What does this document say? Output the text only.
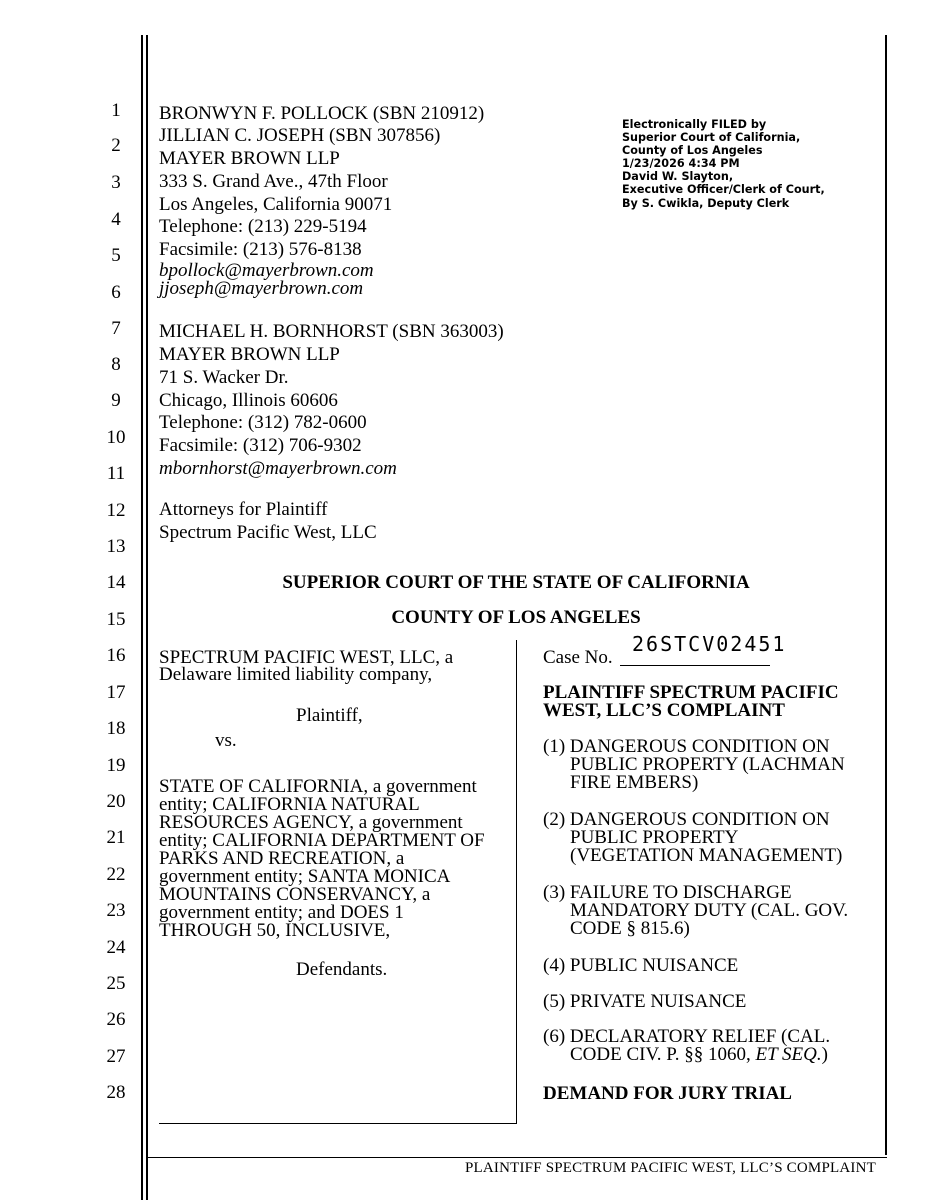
1
2
3
4
5
6
7
8
9
10
11
12
13
14
15
16
17
18
19
20
21
22
23
24
25
26
27
28
BRONWYN F. POLLOCK (SBN 210912)
JILLIAN C. JOSEPH (SBN 307856)
MAYER BROWN LLP
333 S. Grand Ave., 47th Floor
Los Angeles, California 90071
Telephone: (213) 229-5194
Facsimile: (213) 576-8138
bpollock@mayerbrown.com
jjoseph@mayerbrown.com
MICHAEL H. BORNHORST (SBN 363003)
MAYER BROWN LLP
71 S. Wacker Dr.
Chicago, Illinois 60606
Telephone: (312) 782-0600
Facsimile: (312) 706-9302
mbornhorst@mayerbrown.com
Attorneys for Plaintiff
Spectrum Pacific West, LLC
Electronically FILED by
Superior Court of California,
County of Los Angeles
1/23/2026 4:34 PM
David W. Slayton,
Executive Officer/Clerk of Court,
By S. Cwikla, Deputy Clerk
SUPERIOR COURT OF THE STATE OF CALIFORNIA
COUNTY OF LOS ANGELES
SPECTRUM PACIFIC WEST, LLC, a
Delaware limited liability company,
Plaintiff,
vs.
STATE OF CALIFORNIA, a government
entity; CALIFORNIA NATURAL
RESOURCES AGENCY, a government
entity; CALIFORNIA DEPARTMENT OF
PARKS AND RECREATION, a
government entity; SANTA MONICA
MOUNTAINS CONSERVANCY, a
government entity; and DOES 1
THROUGH 50, INCLUSIVE,
Defendants.
Case No.
26STCV02451
PLAINTIFF SPECTRUM PACIFIC
WEST, LLC’S COMPLAINT
(1) DANGEROUS CONDITION ON
PUBLIC PROPERTY (LACHMAN
FIRE EMBERS)
(2) DANGEROUS CONDITION ON
PUBLIC PROPERTY
(VEGETATION MANAGEMENT)
(3) FAILURE TO DISCHARGE
MANDATORY DUTY (CAL. GOV.
CODE § 815.6)
(4) PUBLIC NUISANCE
(5) PRIVATE NUISANCE
(6) DECLARATORY RELIEF (CAL.
CODE CIV. P. §§ 1060, ET SEQ.)
DEMAND FOR JURY TRIAL
PLAINTIFF SPECTRUM PACIFIC WEST, LLC’S COMPLAINT
